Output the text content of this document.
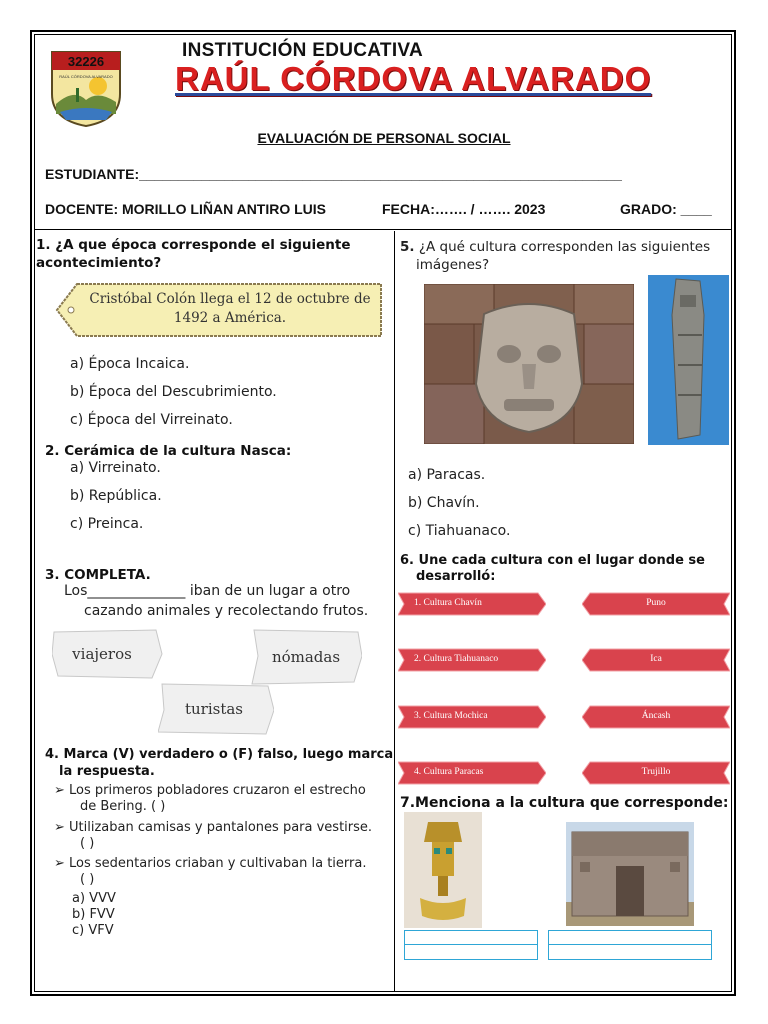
32226
RAÚL CÓRDOVA ALVARADO
INSTITUCIÓN EDUCATIVA
RAÚL CÓRDOVA ALVARADO
EVALUACIÓN DE PERSONAL SOCIAL
ESTUDIANTE:______________________________________________________________
DOCENTE: MORILLO LIÑAN ANTIRO LUIS	FECHA:……. / ……. 2023	GRADO: ____
1. ¿A que época corresponde el siguiente acontecimiento?
Cristóbal Colón llega el 12 de octubre de
1492 a América.
a) Época Incaica.
b) Época del Descubrimiento.
c) Época del Virreinato.
2. Cerámica de la cultura Nasca:
a) Virreinato.
b) República.
c) Preinca.
3. COMPLETA.
Los______________ iban de un lugar a otro
cazando animales y recolectando frutos.
viajeros	nómadas
turistas
4. Marca (V) verdadero o (F) falso, luego marca
la respuesta.
➢ Los primeros pobladores cruzaron el estrecho
de Bering. ( )
➢ Utilizaban camisas y pantalones para vestirse.
( )
➢ Los sedentarios criaban y cultivaban la tierra.
( )
a) VVV
b) FVV
c) VFV
5. ¿A qué cultura corresponden las siguientes
imágenes?
a) Paracas.
b) Chavín.
c) Tiahuanaco.
6. Une cada cultura con el lugar donde se
desarrolló:
1. Cultura Chavín
2. Cultura Tiahuanaco
3. Cultura Mochica
4. Cultura Paracas
Puno
Ica
Áncash
Trujillo
7.Menciona a la cultura que corresponde:
